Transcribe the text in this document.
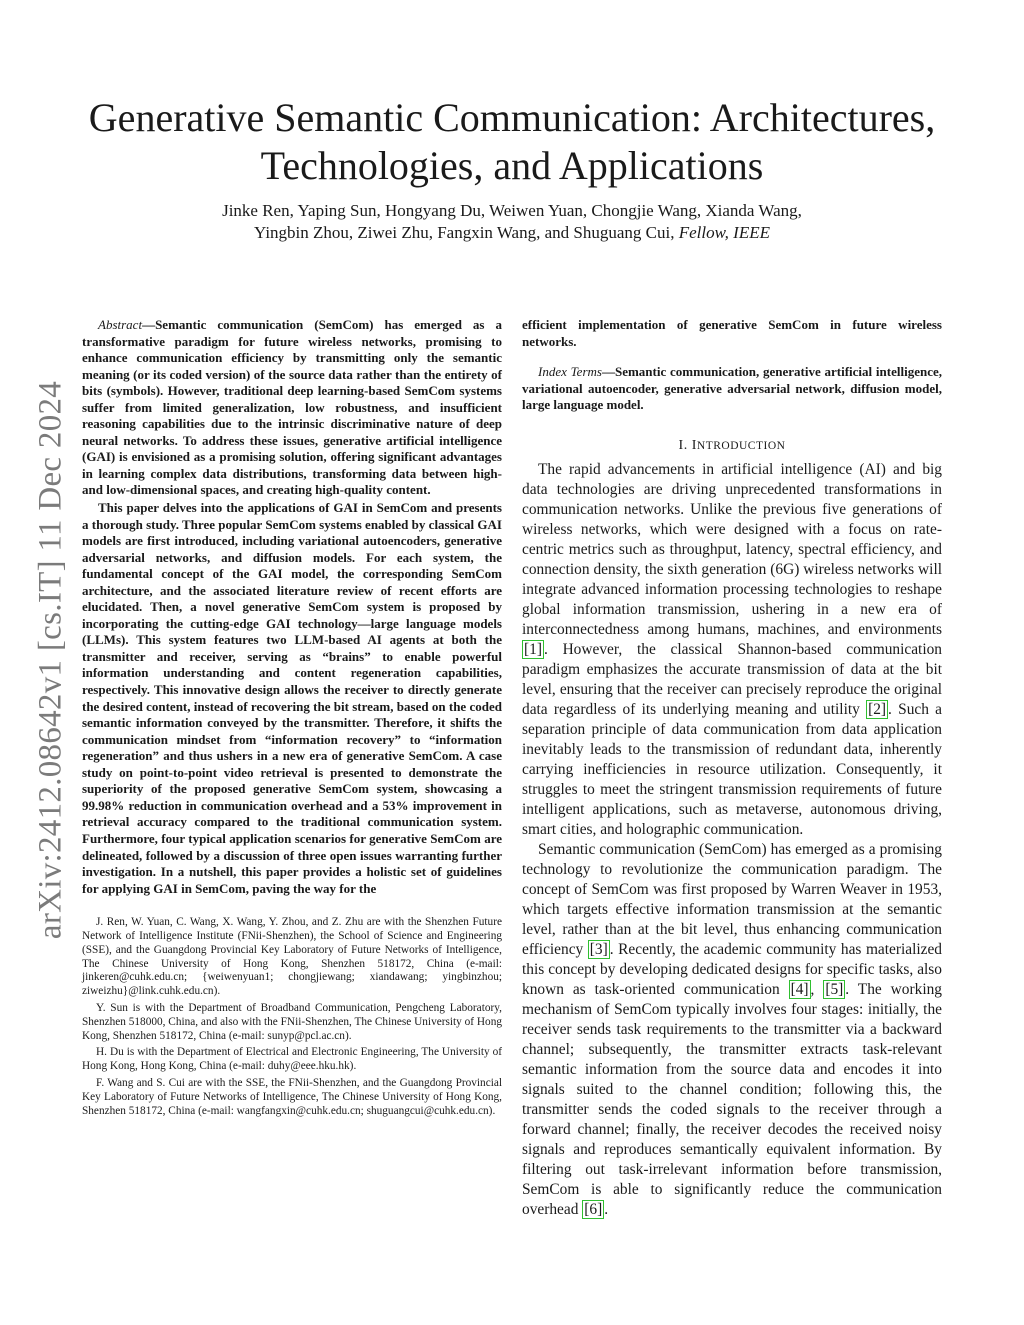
arXiv:2412.08642v1 [cs.IT] 11 Dec 2024
Generative Semantic Communication: Architectures,
Technologies, and Applications
Jinke Ren, Yaping Sun, Hongyang Du, Weiwen Yuan, Chongjie Wang, Xianda Wang,
Yingbin Zhou, Ziwei Zhu, Fangxin Wang, and Shuguang Cui, Fellow, IEEE

Abstract—Semantic communication (SemCom) has emerged as a transformative paradigm for future wireless networks, promising to enhance communication efficiency by transmitting only the semantic meaning (or its coded version) of the source data rather than the entirety of bits (symbols). However, traditional deep learning-based SemCom systems suffer from limited generalization, low robustness, and insufficient reasoning capabilities due to the intrinsic discriminative nature of deep neural networks. To address these issues, generative artificial intelligence (GAI) is envisioned as a promising solution, offering significant advantages in learning complex data distributions, transforming data between high- and low-dimensional spaces, and creating high-quality content.

This paper delves into the applications of GAI in SemCom and presents a thorough study. Three popular SemCom systems enabled by classical GAI models are first introduced, including variational autoencoders, generative adversarial networks, and diffusion models. For each system, the fundamental concept of the GAI model, the corresponding SemCom architecture, and the associated literature review of recent efforts are elucidated. Then, a novel generative SemCom system is proposed by incorporating the cutting-edge GAI technology—large language models (LLMs). This system features two LLM-based AI agents at both the transmitter and receiver, serving as “brains” to enable powerful information understanding and content regeneration capabilities, respectively. This innovative design allows the receiver to directly generate the desired content, instead of recovering the bit stream, based on the coded semantic information conveyed by the transmitter. Therefore, it shifts the communication mindset from “information recovery” to “information regeneration” and thus ushers in a new era of generative SemCom. A case study on point-to-point video retrieval is presented to demonstrate the superiority of the proposed generative SemCom system, showcasing a 99.98% reduction in communication overhead and a 53% improvement in retrieval accuracy compared to the traditional communication system. Furthermore, four typical application scenarios for generative SemCom are delineated, followed by a discussion of three open issues warranting further investigation. In a nutshell, this paper provides a holistic set of guidelines for applying GAI in SemCom, paving the way for the

J. Ren, W. Yuan, C. Wang, X. Wang, Y. Zhou, and Z. Zhu are with the Shenzhen Future Network of Intelligence Institute (FNii-Shenzhen), the School of Science and Engineering (SSE), and the Guangdong Provincial Key Laboratory of Future Networks of Intelligence, The Chinese University of Hong Kong, Shenzhen 518172, China (e-mail: jinkeren@cuhk.edu.cn; {weiwenyuan1; chongjiewang; xiandawang; yingbinzhou; ziweizhu}@link.cuhk.edu.cn).

Y. Sun is with the Department of Broadband Communication, Pengcheng Laboratory, Shenzhen 518000, China, and also with the FNii-Shenzhen, The Chinese University of Hong Kong, Shenzhen 518172, China (e-mail: sunyp@pcl.ac.cn).

H. Du is with the Department of Electrical and Electronic Engineering, The University of Hong Kong, Hong Kong, China (e-mail: duhy@eee.hku.hk).

F. Wang and S. Cui are with the SSE, the FNii-Shenzhen, and the Guangdong Provincial Key Laboratory of Future Networks of Intelligence, The Chinese University of Hong Kong, Shenzhen 518172, China (e-mail: wangfangxin@cuhk.edu.cn; shuguangcui@cuhk.edu.cn).

efficient implementation of generative SemCom in future wireless networks.

Index Terms—Semantic communication, generative artificial intelligence, variational autoencoder, generative adversarial network, diffusion model, large language model.
I. INTRODUCTION

The rapid advancements in artificial intelligence (AI) and big data technologies are driving unprecedented transformations in communication networks. Unlike the previous five generations of wireless networks, which were designed with a focus on rate-centric metrics such as throughput, latency, spectral efficiency, and connection density, the sixth generation (6G) wireless networks will integrate advanced information processing technologies to reshape global information transmission, ushering in a new era of interconnectedness among humans, machines, and environments [1] . However, the classical Shannon-based communication paradigm emphasizes the accurate transmission of data at the bit level, ensuring that the receiver can precisely reproduce the original data regardless of its underlying meaning and utility [2] . Such a separation principle of data communication from data application inevitably leads to the transmission of redundant data, inherently carrying inefficiencies in resource utilization. Consequently, it struggles to meet the stringent transmission requirements of future intelligent applications, such as metaverse, autonomous driving, smart cities, and holographic communication.

Semantic communication (SemCom) has emerged as a promising technology to revolutionize the communication paradigm. The concept of SemCom was first proposed by Warren Weaver in 1953, which targets effective information transmission at the semantic level, rather than at the bit level, thus enhancing communication efficiency [3] . Recently, the academic community has materialized this concept by developing dedicated designs for specific tasks, also known as task-oriented communication [4] , [5] . The working mechanism of SemCom typically involves four stages: initially, the receiver sends task requirements to the transmitter via a backward channel; subsequently, the transmitter extracts task-relevant semantic information from the source data and encodes it into signals suited to the channel condition; following this, the transmitter sends the coded signals to the receiver through a forward channel; finally, the receiver decodes the received noisy signals and reproduces semantically equivalent information. By filtering out task-irrelevant information before transmission, SemCom is able to significantly reduce the communication overhead [6] .
